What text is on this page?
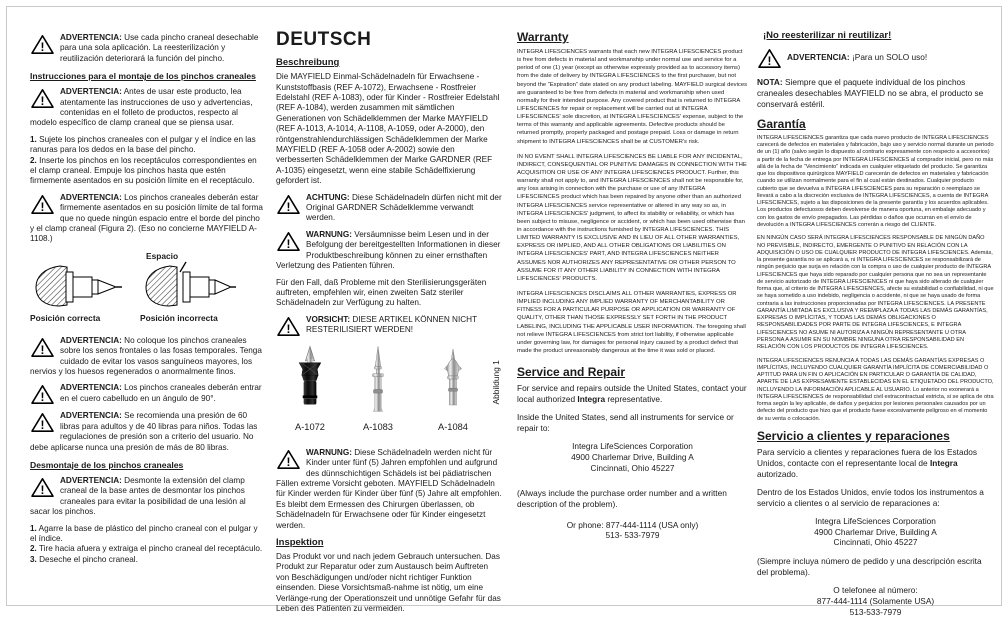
!
ADVERTENCIA: Use cada pincho craneal desechable para una sola aplicación. La reesterilización y reutilización deteriorará la función del pincho.
Instrucciones para el montaje de los pinchos craneales
!
ADVERTENCIA: Antes de usar este producto, lea atentamente las instrucciones de uso y advertencias, contenidas en el folleto de productos, respecto al modelo específico de clamp craneal que se piensa usar.
1. Sujete los pinchos craneales con el pulgar y el índice en las ranuras para los dedos en la base del pincho.
2. Inserte los pinchos en los receptáculos correspondientes en el clamp craneal. Empuje los pinchos hasta que estén firmemente asentados en su posición límite en el receptáculo.
!
ADVERTENCIA: Los pinchos craneales deberán estar firmemente asentados en su posición límite de tal forma que no quede ningún espacio entre el borde del pincho y el clamp craneal (Figura 2). (Eso no concierne MAYFIELD A-1108.)
Espacio
Posición correcta	Posición incorrecta
!
ADVERTENCIA: No coloque los pinchos craneales sobre los senos frontales o las fosas temporales. Tenga cuidado de evitar los vasos sanguíneos mayores, los nervios y los huesos regenerados o anormalmente finos.
!
ADVERTENCIA: Los pinchos craneales deberán entrar en el cuero cabelludo en un ángulo de 90°.
!
ADVERTENCIA: Se recomienda una presión de 60 libras para adultos y de 40 libras para niños. Todas las regulaciones de presión son a criterio del usuario. No debe aplicarse nunca una presión de más de 80 libras.
Desmontaje de los pinchos craneales
!
ADVERTENCIA: Desmonte la extensión del clamp craneal de la base antes de desmontar los pinchos craneales para evitar la posibilidad de una lesión al sacar los pinchos.
1. Agarre la base de plástico del pincho craneal con el pulgar y el índice.
2. Tire hacia afuera y extraiga el pincho craneal del receptáculo.
3. Deseche el pincho craneal.
DEUTSCH
Beschreibung
Die MAYFIELD Einmal-Schädelnadeln für Erwachsene - Kunststoffbasis (REF A-1072), Erwachsene - Rostfreier Edelstahl (REF A-1083), oder für Kinder - Rostfreier Edelstahl (REF A-1084), werden zusammen mit sämtlichen Generationen von Schädelklemmen der Marke MAYFIELD (REF A-1013, A-1014, A-1108, A-1059, oder A-2000), den röntgenstrahlendurchlässigen Schädelklemmen der Marke MAYFIELD (REF A-1058 oder A-2002) sowie den verbesserten Schädelklemmen der Marke GARDNER (REF A-1035) eingesetzt, wenn eine stabile Schädelfixierung gefordert ist.
!
ACHTUNG: Diese Schädelnadeln dürfen nicht mit der Original GARDNER Schädelklemme verwandt werden.
!
WARNUNG: Versäumnisse beim Lesen und in der Befolgung der bereitgestellten Informationen in dieser Produktbeschreibung können zu einer ernsthaften Verletzung des Patienten führen.
Für den Fall, daß Probleme mit den Sterilisierungsgeräten auftreten, empfehlen wir, einen zweiten Satz steriler Schädelnadeln zur Verfügung zu halten.
!
VORSICHT: DIESE ARTIKEL KÖNNEN NICHT RESTERILISIERT WERDEN!
A-1072	A-1083	A-1084
Abbildung 1
!
WARNUNG: Diese Schädelnadeln werden nicht für Kinder unter fünf (5) Jahren empfohlen und aufgrund des dünnschichtigen Schädels ist bei pädiatrischen Fällen extreme Vorsicht geboten. MAYFIELD Schädelnadeln für Kinder werden für Kinder über fünf (5) Jahre alt empfohlen. Es bleibt dem Ermessen des Chirurgen überlassen, ob Schädelnadeln für Erwachsene oder für Kinder eingesetzt werden.
Inspektion
Das Produkt vor und nach jedem Gebrauch untersuchen. Das Produkt zur Reparatur oder zum Austausch beim Auftreten von Beschädigungen und/oder nicht richtiger Funktion einsenden. Diese Vorsichtsmaß-nahme ist nötig, um eine Verlänge-rung der Operationszeit und unnötige Gefahr für das Leben des Patienten zu vermeiden.
Warranty
INTEGRA LIFESCIENCES warrants that each new INTEGRA LIFESCIENCES product is free from defects in material and workmanship under normal use and service for a period of one (1) year (except as otherwise expressly provided as to accessory items) from the date of delivery by INTEGRA LIFESCIENCES to the first purchaser, but not beyond the “Expiration” date stated on any product labeling. MAYFIELD surgical devices are guaranteed to be free from defects in material and workmanship when used normally for their intended purpose. Any covered product that is returned to INTEGRA LIFESCIENCES for repair or replacement will be carried out at INTEGRA LIFESCIENCES' sole discretion, at INTEGRA LIFESCIENCES' expense, subject to the terms of this warranty and applicable agreements. Defective products should be returned promptly, properly packaged and postage prepaid. Loss or damage in return shipment to INTEGRA LIFESCIENCES shall be at CUSTOMER's risk.
IN NO EVENT SHALL INTEGRA LIFESCIENCES BE LIABLE FOR ANY INCIDENTAL, INDIRECT, CONSEQUENTIAL OR PUNITIVE DAMAGES IN CONNECTION WITH THE ACQUISITION OR USE OF ANY INTEGRA LIFESCIENCES PRODUCT. Further, this warranty shall not apply to, and INTEGRA LIFESCIENCES shall not be responsible for, any loss arising in connection with the purchase or use of any INTEGRA LIFESCIENCES product which has been repaired by anyone other than an authorized INTEGRA LIFESCIENCES service representative or altered in any way so as, in INTEGRA LIFESCIENCES' judgment, to affect its stability or reliability, or which has been subject to misuse, negligence or accident, or which has been used otherwise than in accordance with the instructions furnished by INTEGRA LIFESCIENCES. THIS LIMITED WARRANTY IS EXCLUSIVE AND IN LIEU OF ALL OTHER WARRANTIES, EXPRESS OR IMPLIED, AND ALL OTHER OBLIGATIONS OR LIABILITIES ON INTEGRA LIFESCIENCES' PART, AND INTEGRA LIFESCIENCES NEITHER ASSUMES NOR AUTHORIZES ANY REPRESENTATIVE OR OTHER PERSON TO ASSUME FOR IT ANY OTHER LIABILITY IN CONNECTION WITH INTEGRA LIFESCIENCES' PRODUCTS.
INTEGRA LIFESCIENCES DISCLAIMS ALL OTHER WARRANTIES, EXPRESS OR IMPLIED INCLUDING ANY IMPLIED WARRANTY OF MERCHANTABILITY OR FITNESS FOR A PARTICULAR PURPOSE OR APPLICATION OR WARRANTY OF QUALITY, OTHER THAN THOSE EXPRESSLY SET FORTH IN THE PRODUCT LABELING, INCLUDING THE APPLICABLE USER INFORMATION. The foregoing shall not relieve INTEGRA LIFESCIENCES from strict tort liability, if otherwise applicable under governing law, for damages for personal injury caused by a product defect that made the product unreasonably dangerous at the time it was sold or placed.
Service and Repair
For service and repairs outside the United States, contact your local authorized Integra representative.
Inside the United States, send all instruments for service or repair to:
Integra LifeSciences Corporation
4900 Charlemar Drive, Building A
Cincinnati, Ohio 45227
(Always include the purchase order number and a written description of the problem).
Or phone: 877-444-1114 (USA only)
513- 533-7979
¡No reesterilizar ni reutilizar!
! ADVERTENCIA: ¡Para un SOLO uso!
NOTA: Siempre que el paquete individual de los pinchos craneales desechables MAYFIELD no se abra, el producto se conservará estéril.
Garantía
INTEGRA LIFESCIENCES garantiza que cada nuevo producto de INTEGRA LIFESCIENCES carecerá de defectos en materiales y fabricación, bajo uso y servicio normal durante un periodo de un (1) año (salvo según lo dispuesto al contrario expresamente con respecto a accesorios) a partir de la fecha de entrega por INTEGRA LIFESCIENCES al comprador inicial, pero no más allá de la fecha de “Vencimiento” indicada en cualquier etiquetado del producto. Se garantiza que los dispositivos quirúrgicos MAYFIELD carecerán de defectos en materiales y fabricación cuando se utilizan normalmente para el fin al cual están destinados. Cualquier producto cubierto que se devuelva a INTEGRA LIFESCIENCES para su reparación o reemplazo se llevará a cabo a la discreción exclusiva de INTEGRA LIFESCIENCES, a cuenta de INTEGRA LIFESCIENCES, sujeto a las disposiciones de la presente garantía y los acuerdos aplicables. Los productos defectuosos deben devolverse de manera oportuna, en embalaje adecuado y con los gastos de envío prepagados. Las pérdidas o daños que ocurran en el envío de devolución a INTEGRA LIFESCIENCES correrán a riesgo del CLIENTE.
EN NINGÚN CASO SERÁ INTEGRA LIFESCIENCES RESPONSABLE DE NINGÚN DAÑO NO PREVISIBLE, INDIRECTO, EMERGENTE O PUNITIVO EN RELACIÓN CON LA ADQUISICIÓN O USO DE CUALQUIER PRODUCTO DE INTEGRA LIFESCIENCES. Además, la presente garantía no se aplicará a, ni INTEGRA LIFESCIENCES se responsabilizará de ningún perjuicio que surja en relación con la compra o uso de cualquier producto de INTEGRA LIFESCIENCES que haya sido reparado por cualquier persona que no sea un representante de servicio autorizado de INTEGRA LIFESCIENCES ni que haya sido alterado de cualquier forma que, al criterio de INTEGRA LIFESCIENCES, afecte su estabilidad o confiabilidad, ni que se haya sometido a uso indebido, negligencia o accidente, ni que se haya usado de forma contraria a las instrucciones proporcionadas por INTEGRA LIFESCIENCES. LA PRESENTE GARANTÍA LIMITADA ES EXCLUSIVA Y REEMPLAZA A TODAS LAS DEMÁS GARANTÍAS, EXPRESAS O IMPLÍCITAS, Y TODAS LAS DEMÁS OBLIGACIONES O RESPONSABILIDADES POR PARTE DE INTEGRA LIFESCIENCES, E INTEGRA LIFESCIENCES NO ASUME NI AUTORIZA A NINGÚN REPRESENTANTE U OTRA PERSONA A ASUMIR EN SU NOMBRE NINGUNA OTRA RESPONSABILIDAD EN RELACIÓN CON LOS PRODUCTOS DE INTEGRA LIFESCIENCES.
INTEGRA LIFESCIENCES RENUNCIA A TODAS LAS DEMÁS GARANTÍAS EXPRESAS O IMPLÍCITAS, INCLUYENDO CUALQUIER GARANTÍA IMPLÍCITA DE COMERCIABILIDAD O APTITUD PARA UN FIN O APLICACIÓN EN PARTICULAR O GARANTÍA DE CALIDAD, APARTE DE LAS EXPRESAMENTE ESTABLECIDAS EN EL ETIQUETADO DEL PRODUCTO, INCLUYENDO LA INFORMACIÓN APLICABLE AL USUARIO. Lo anterior no exonerará a INTEGRA LIFESCIENCES de responsabilidad civil extracontractual estricta, si se aplica de otra forma según la ley aplicable, de daños y perjuicios por lesiones personales causados por un defecto del producto que hizo que el producto fuese excesivamente peligroso en el momento de su venta o colocación.
Servicio a clientes y reparaciones
Para servicio a clientes y reparaciones fuera de los Estados Unidos, contacte con el representante local de Integra autorizado.
Dentro de los Estados Unidos, envíe todos los instrumentos a servicio a clientes o al servicio de reparaciones a:
Integra LifeSciences Corporation
4900 Charlemar Drive, Building A
Cincinnati, Ohio 45227
(Siempre incluya número de pedido y una descripción escrita del problema).
O telefonee al número:
877-444-1114 (Solamente USA)
513-533-7979
